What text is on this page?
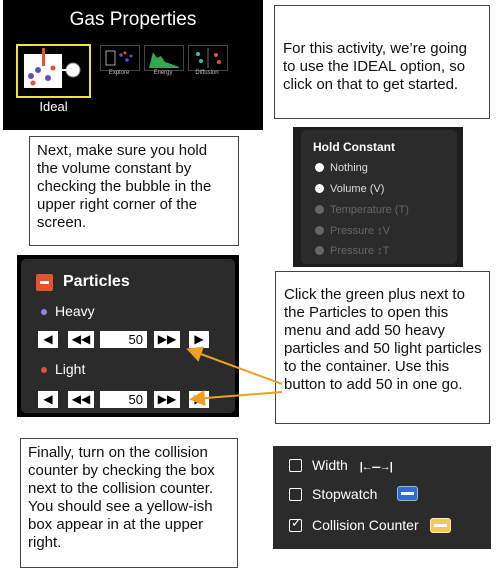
Gas Properties
Ideal
Explore	Energy	Diffusion
For this activity, we’re going to use the IDEAL option, so click on that to get started.
Next, make sure you hold the volume constant by checking the bubble in the upper right corner of the screen.
Hold Constant
Nothing
Volume (V)
Temperature (T)
Pressure ↕V
Pressure ↕T
Particles
Heavy
◀	◀◀	50	▶▶	▶
Light
◀	◀◀	50	▶▶
Click the green plus next to the Particles to open this menu and add 50 heavy particles and 50 light particles to the container. Use this button to add 50 in one go.
Finally, turn on the collision counter by checking the box next to the collision counter. You should see a yellow-ish box appear in at the upper right.
Width |←---→|
Stopwatch
✓ Collision Counter
